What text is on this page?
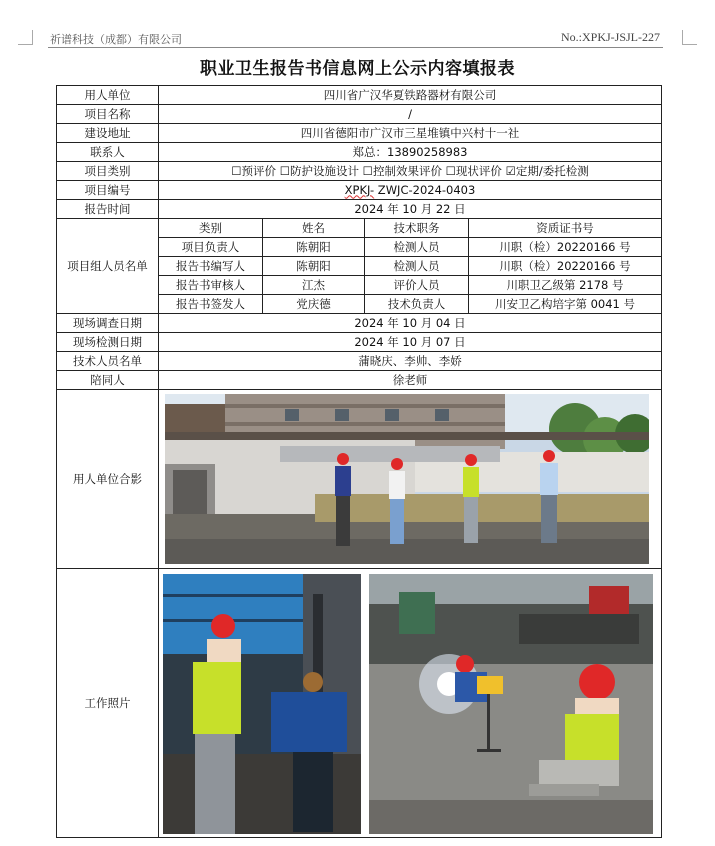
祈谱科技（成都）有限公司	No.:XPKJ-JSJL-227
职业卫生报告书信息网上公示内容填报表
用人单位	四川省广汉华夏铁路器材有限公司			
项目名称	/			
建设地址	四川省德阳市广汉市三星堆镇中兴村十一社			
联系人	郑总：13890258983			
项目类别	☐预评价 ☐防护设施设计 ☐控制效果评价 ☐现状评价 ☑定期/委托检测			
项目编号	XPKJ- ZWJC-2024-0403			
报告时间	2024 年 10 月 22 日			
项目组人员名单	类别	姓名	技术职务	资质证书号
	项目负责人	陈朝阳	检测人员	川职（检）20220166 号
	报告书编写人	陈朝阳	检测人员	川职（检）20220166 号
	报告书审核人	江杰	评价人员	川职卫乙级第 2178 号
	报告书签发人	党庆德	技术负责人	川安卫乙构培字第 0041 号
现场调查日期	2024 年 10 月 04 日			
现场检测日期	2024 年 10 月 07 日			
技术人员名单	蒲晓庆、李帅、李娇			
陪同人	徐老师			
用人单位合影	

工作照片	
